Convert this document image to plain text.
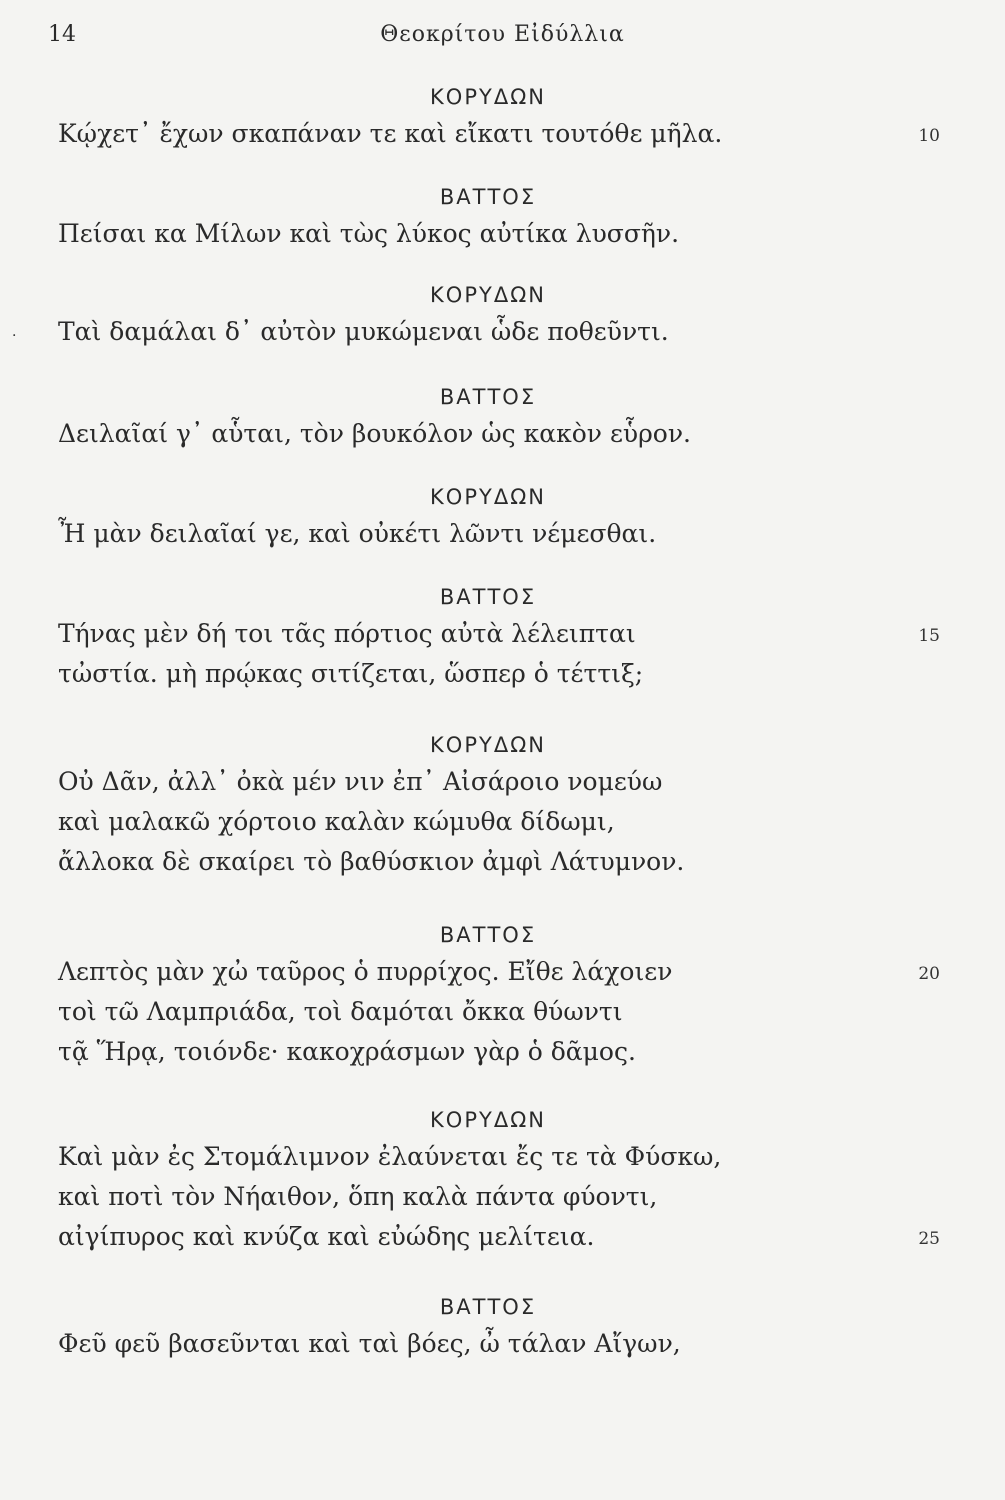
14	Θεοκρίτου Εἰδύλλια
·
ΚΟΡΥΔΩΝ
Κῴχετ᾽ ἔχων σκαπάναν τε καὶ εἴκατι τουτόθε μῆλα.	10
ΒΑΤΤΟΣ
Πείσαι κα Μίλων καὶ τὼς λύκος αὐτίκα λυσσῆν.
ΚΟΡΥΔΩΝ
Ταὶ δαμάλαι δ᾽ αὐτὸν μυκώμεναι ὧδε ποθεῦντι.
ΒΑΤΤΟΣ
Δειλαῖαί γ᾽ αὗται, τὸν βουκόλον ὡς κακὸν εὗρον.
ΚΟΡΥΔΩΝ
Ἦ μὰν δειλαῖαί γε, καὶ οὐκέτι λῶντι νέμεσθαι.
ΒΑΤΤΟΣ
Τήνας μὲν δή τοι τᾶς πόρτιος αὐτὰ λέλειπται	15
τὠστία. μὴ πρῴκας σιτίζεται, ὥσπερ ὁ τέττιξ;
ΚΟΡΥΔΩΝ
Οὐ Δᾶν, ἀλλ᾽ ὀκὰ μέν νιν ἐπ᾽ Αἰσάροιο νομεύω
καὶ μαλακῶ χόρτοιο καλὰν κώμυθα δίδωμι,
ἄλλοκα δὲ σκαίρει τὸ βαθύσκιον ἀμφὶ Λάτυμνον.
ΒΑΤΤΟΣ
Λεπτὸς μὰν χὠ ταῦρος ὁ πυρρίχος. Εἴθε λάχοιεν	20
τοὶ τῶ Λαμπριάδα, τοὶ δαμόται ὄκκα θύωντι
τᾷ Ἥρᾳ, τοιόνδε· κακοχράσμων γὰρ ὁ δᾶμος.
ΚΟΡΥΔΩΝ
Καὶ μὰν ἐς Στομάλιμνον ἐλαύνεται ἔς τε τὰ Φύσκω,
καὶ ποτὶ τὸν Νήαιθον, ὅπη καλὰ πάντα φύοντι,
αἰγίπυρος καὶ κνύζα καὶ εὐώδης μελίτεια.	25
ΒΑΤΤΟΣ
Φεῦ φεῦ βασεῦνται καὶ ταὶ βόες, ὦ τάλαν Αἴγων,
